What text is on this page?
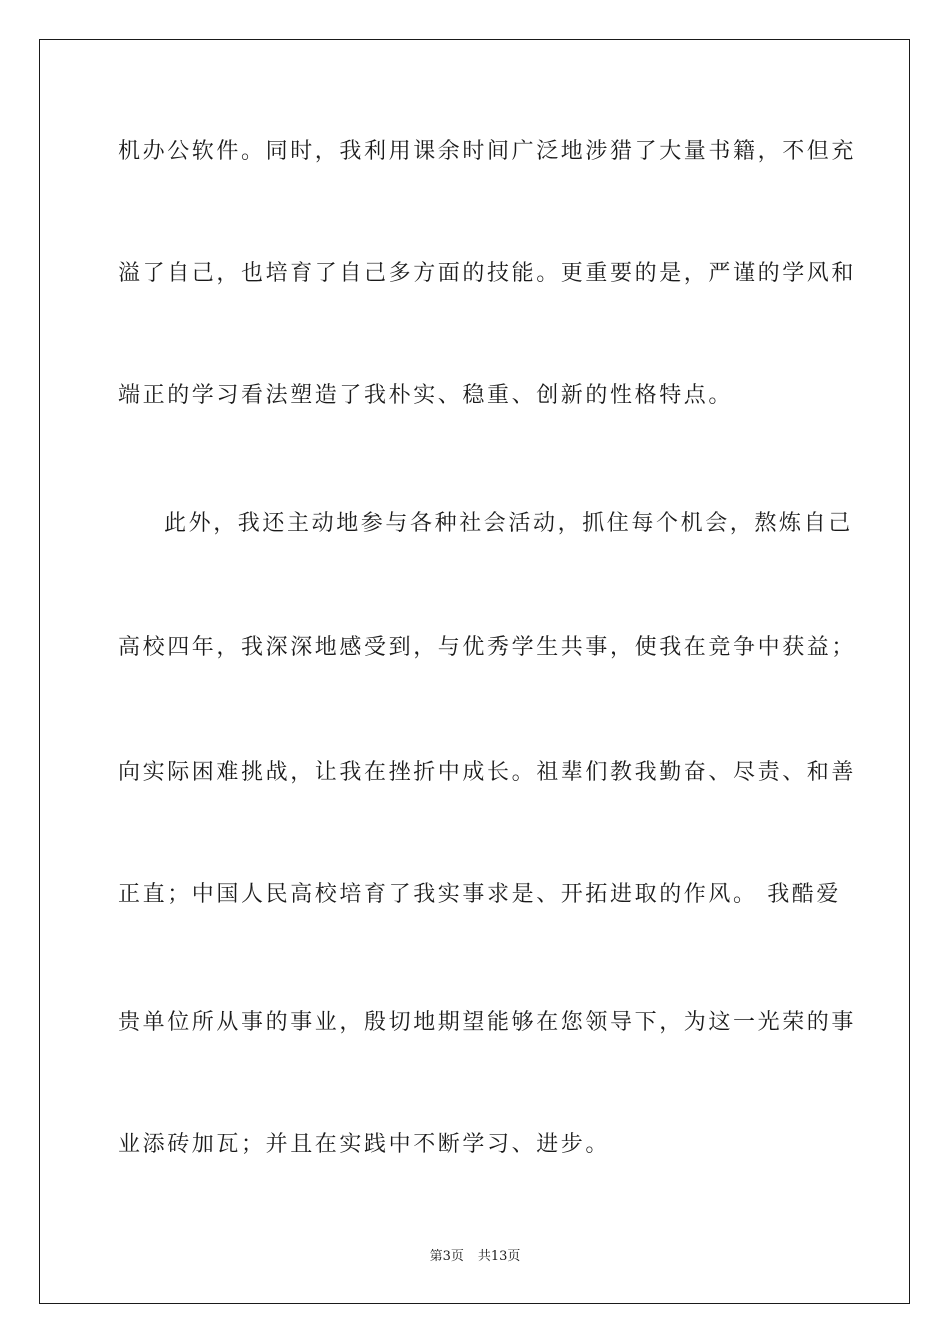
机办公软件。同时，我利用课余时间广泛地涉猎了大量书籍，不但充
溢了自己，也培育了自己多方面的技能。更重要的是，严谨的学风和
端正的学习看法塑造了我朴实、稳重、创新的性格特点。
此外，我还主动地参与各种社会活动，抓住每个机会，熬炼自己
高校四年，我深深地感受到，与优秀学生共事，使我在竞争中获益；
向实际困难挑战，让我在挫折中成长。祖辈们教我勤奋、尽责、和善
正直；中国人民高校培育了我实事求是、开拓进取的作风。 我酷爱
贵单位所从事的事业，殷切地期望能够在您领导下，为这一光荣的事
业添砖加瓦；并且在实践中不断学习、进步。
第3页 共13页
